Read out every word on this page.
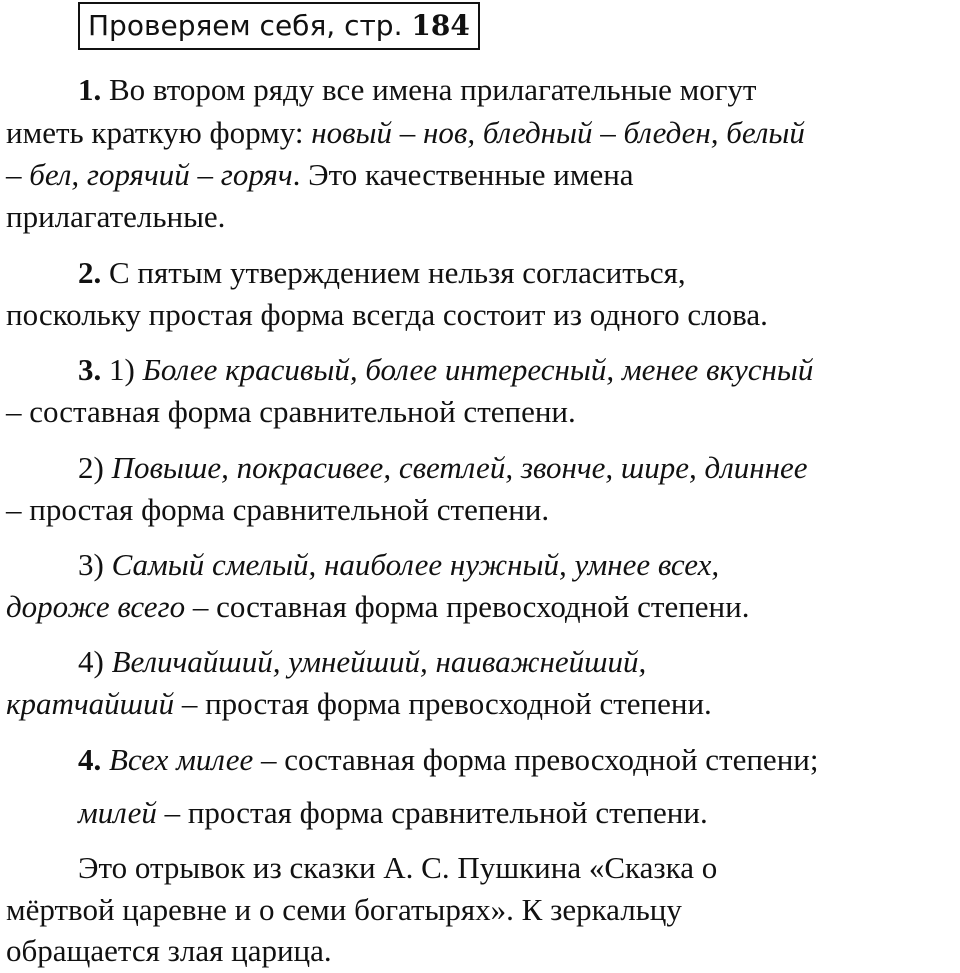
Проверяем себя, стр. 184
1. Во втором ряду все имена прилагательные могут
иметь краткую форму: новый – нов, бледный – бледен, белый
– бел, горячий – горяч. Это качественные имена
прилагательные.
2. С пятым утверждением нельзя согласиться,
поскольку простая форма всегда состоит из одного слова.
3. 1) Более красивый, более интересный, менее вкусный
– составная форма сравнительной степени.
2) Повыше, покрасивее, светлей, звонче, шире, длиннее
– простая форма сравнительной степени.
3) Самый смелый, наиболее нужный, умнее всех,
дороже всего – составная форма превосходной степени.
4) Величайший, умнейший, наиважнейший,
кратчайший – простая форма превосходной степени.
4. Всех милее – составная форма превосходной степени;
милей – простая форма сравнительной степени.
Это отрывок из сказки А. С. Пушкина «Сказка о
мёртвой царевне и о семи богатырях». К зеркальцу
обращается злая царица.
